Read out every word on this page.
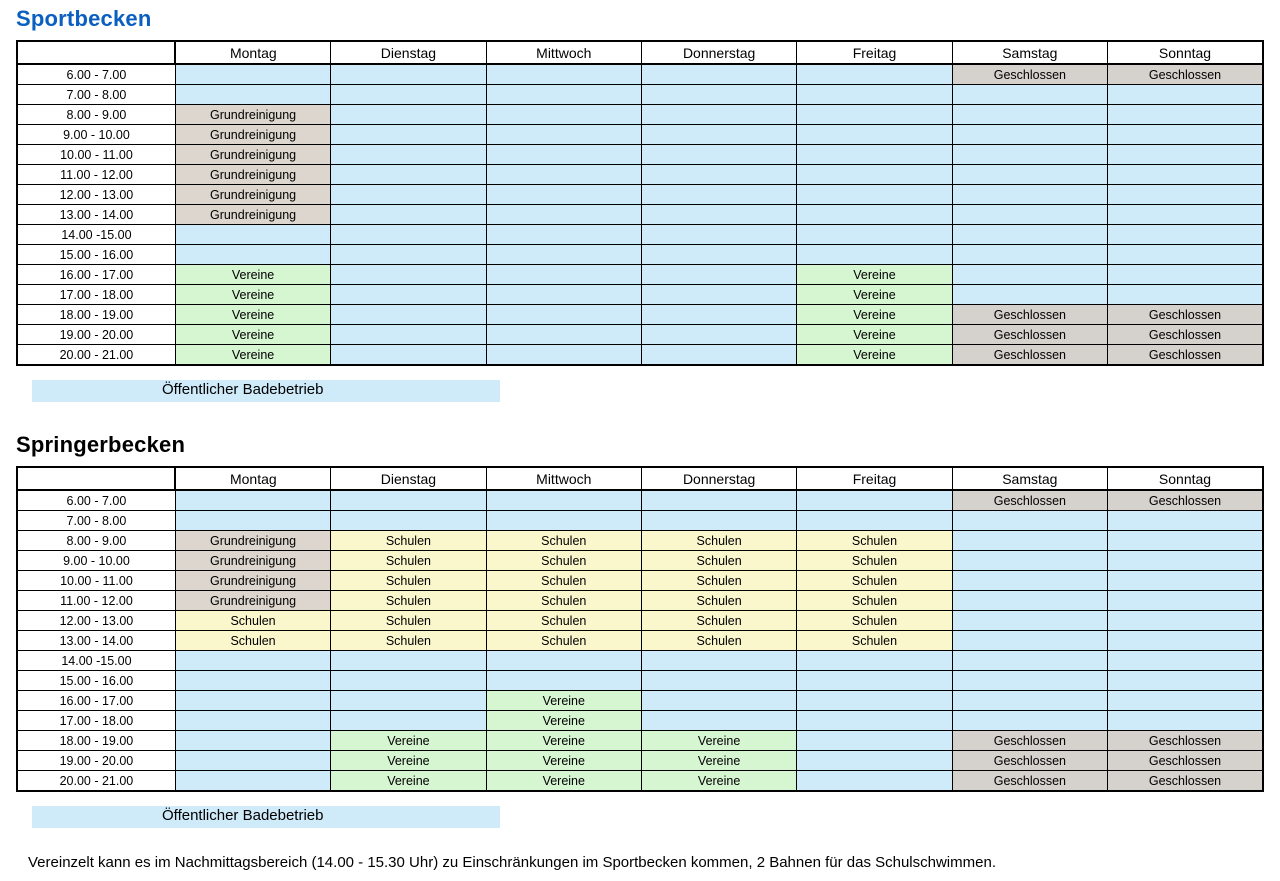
Sportbecken
	Montag	Dienstag	Mittwoch	Donnerstag	Freitag	Samstag	Sonntag
6.00 - 7.00						Geschlossen	Geschlossen
7.00 - 8.00							
8.00 - 9.00	Grundreinigung						
9.00 - 10.00	Grundreinigung						
10.00 - 11.00	Grundreinigung						
11.00 - 12.00	Grundreinigung						
12.00 - 13.00	Grundreinigung						
13.00 - 14.00	Grundreinigung						
14.00 -15.00							
15.00 - 16.00							
16.00 - 17.00	Vereine				Vereine		
17.00 - 18.00	Vereine				Vereine		
18.00 - 19.00	Vereine				Vereine	Geschlossen	Geschlossen
19.00 - 20.00	Vereine				Vereine	Geschlossen	Geschlossen
20.00 - 21.00	Vereine				Vereine	Geschlossen	Geschlossen
Öffentlicher Badebetrieb
Springerbecken
	Montag	Dienstag	Mittwoch	Donnerstag	Freitag	Samstag	Sonntag
6.00 - 7.00						Geschlossen	Geschlossen
7.00 - 8.00							
8.00 - 9.00	Grundreinigung	Schulen	Schulen	Schulen	Schulen		
9.00 - 10.00	Grundreinigung	Schulen	Schulen	Schulen	Schulen		
10.00 - 11.00	Grundreinigung	Schulen	Schulen	Schulen	Schulen		
11.00 - 12.00	Grundreinigung	Schulen	Schulen	Schulen	Schulen		
12.00 - 13.00	Schulen	Schulen	Schulen	Schulen	Schulen		
13.00 - 14.00	Schulen	Schulen	Schulen	Schulen	Schulen		
14.00 -15.00							
15.00 - 16.00							
16.00 - 17.00			Vereine				
17.00 - 18.00			Vereine				
18.00 - 19.00		Vereine	Vereine	Vereine		Geschlossen	Geschlossen
19.00 - 20.00		Vereine	Vereine	Vereine		Geschlossen	Geschlossen
20.00 - 21.00		Vereine	Vereine	Vereine		Geschlossen	Geschlossen
Öffentlicher Badebetrieb
Vereinzelt kann es im Nachmittagsbereich (14.00 - 15.30 Uhr) zu Einschränkungen im Sportbecken kommen, 2 Bahnen für das Schulschwimmen.
